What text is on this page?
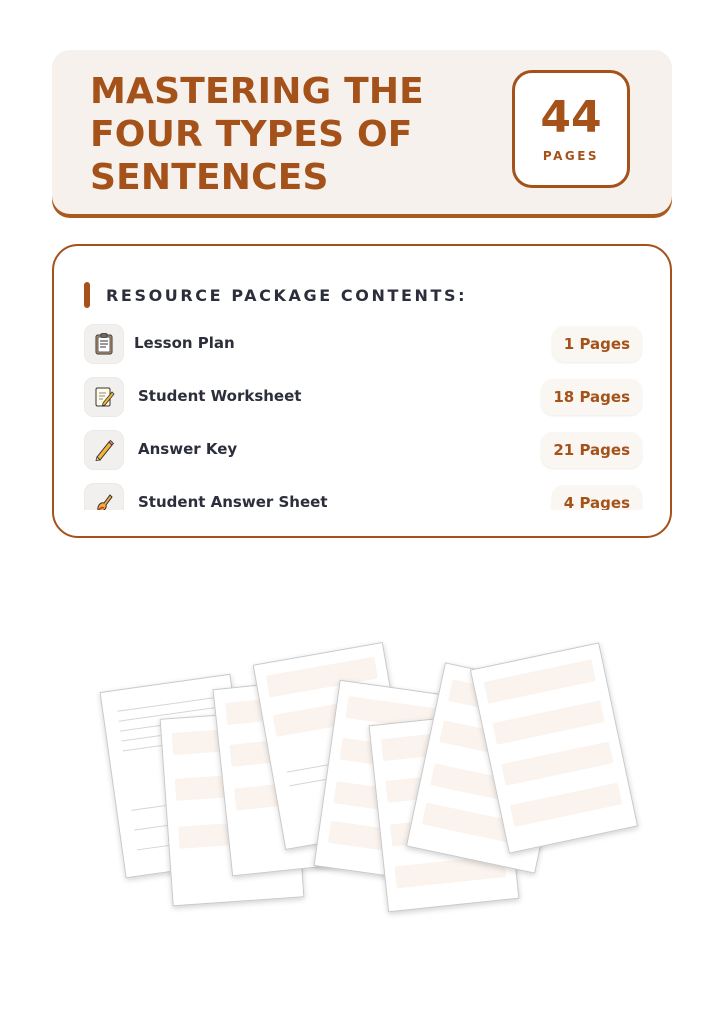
MASTERING THE
FOUR TYPES OF
SENTENCES
44
PAGES
RESOURCE PACKAGE CONTENTS:
Lesson Plan	1 Pages
Student Worksheet	18 Pages
Answer Key	21 Pages
Student Answer Sheet	4 Pages
